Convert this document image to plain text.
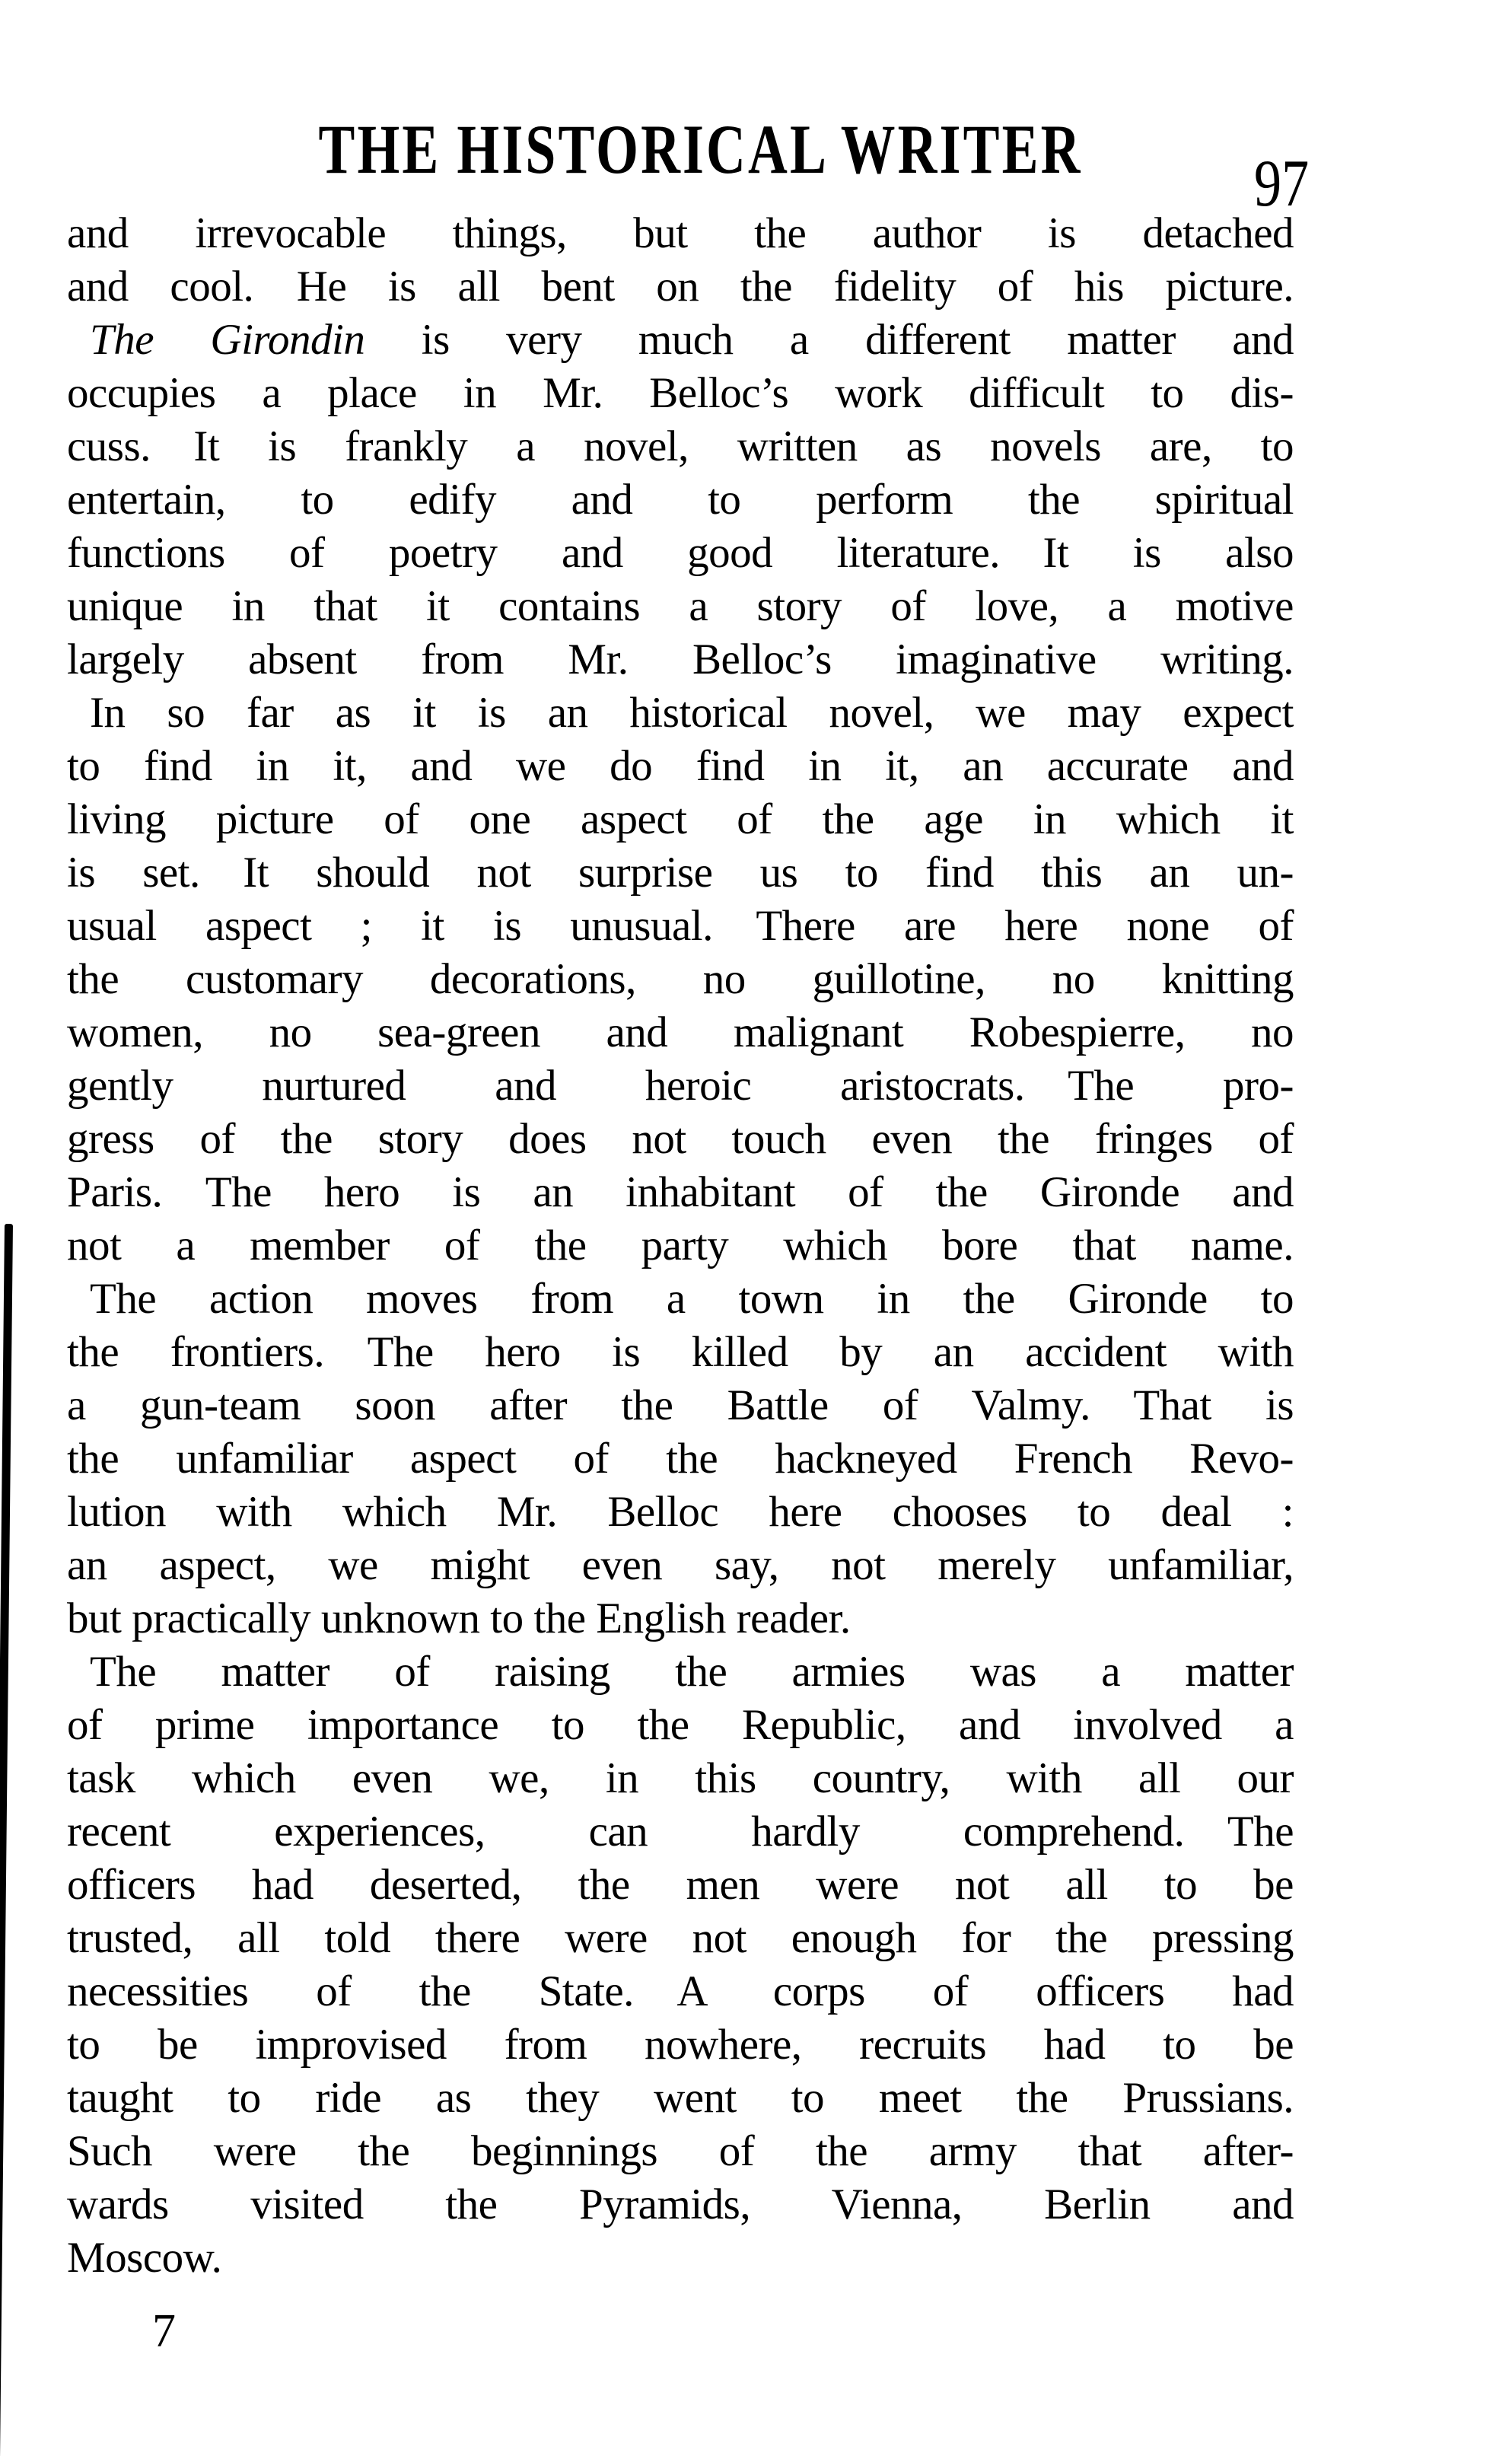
THE HISTORICAL WRITER	97
and irrevocable things, but the author is detached
and cool. He is all bent on the fidelity of his picture.
The Girondin is very much a different matter and
occupies a place in Mr. Belloc’s work difficult to dis-
cuss. It is frankly a novel, written as novels are, to
entertain, to edify and to perform the spiritual
functions of poetry and good literature. It is also
unique in that it contains a story of love, a motive
largely absent from Mr. Belloc’s imaginative writing.
In so far as it is an historical novel, we may expect
to find in it, and we do find in it, an accurate and
living picture of one aspect of the age in which it
is set. It should not surprise us to find this an un-
usual aspect ; it is unusual. There are here none of
the customary decorations, no guillotine, no knitting
women, no sea-green and malignant Robespierre, no
gently nurtured and heroic aristocrats. The pro-
gress of the story does not touch even the fringes of
Paris. The hero is an inhabitant of the Gironde and
not a member of the party which bore that name.
The action moves from a town in the Gironde to
the frontiers. The hero is killed by an accident with
a gun-team soon after the Battle of Valmy. That is
the unfamiliar aspect of the hackneyed French Revo-
lution with which Mr. Belloc here chooses to deal :
an aspect, we might even say, not merely unfamiliar,
but practically unknown to the English reader.
The matter of raising the armies was a matter
of prime importance to the Republic, and involved a
task which even we, in this country, with all our
recent experiences, can hardly comprehend. The
officers had deserted, the men were not all to be
trusted, all told there were not enough for the pressing
necessities of the State. A corps of officers had
to be improvised from nowhere, recruits had to be
taught to ride as they went to meet the Prussians.
Such were the beginnings of the army that after-
wards visited the Pyramids, Vienna, Berlin and
Moscow.
7
